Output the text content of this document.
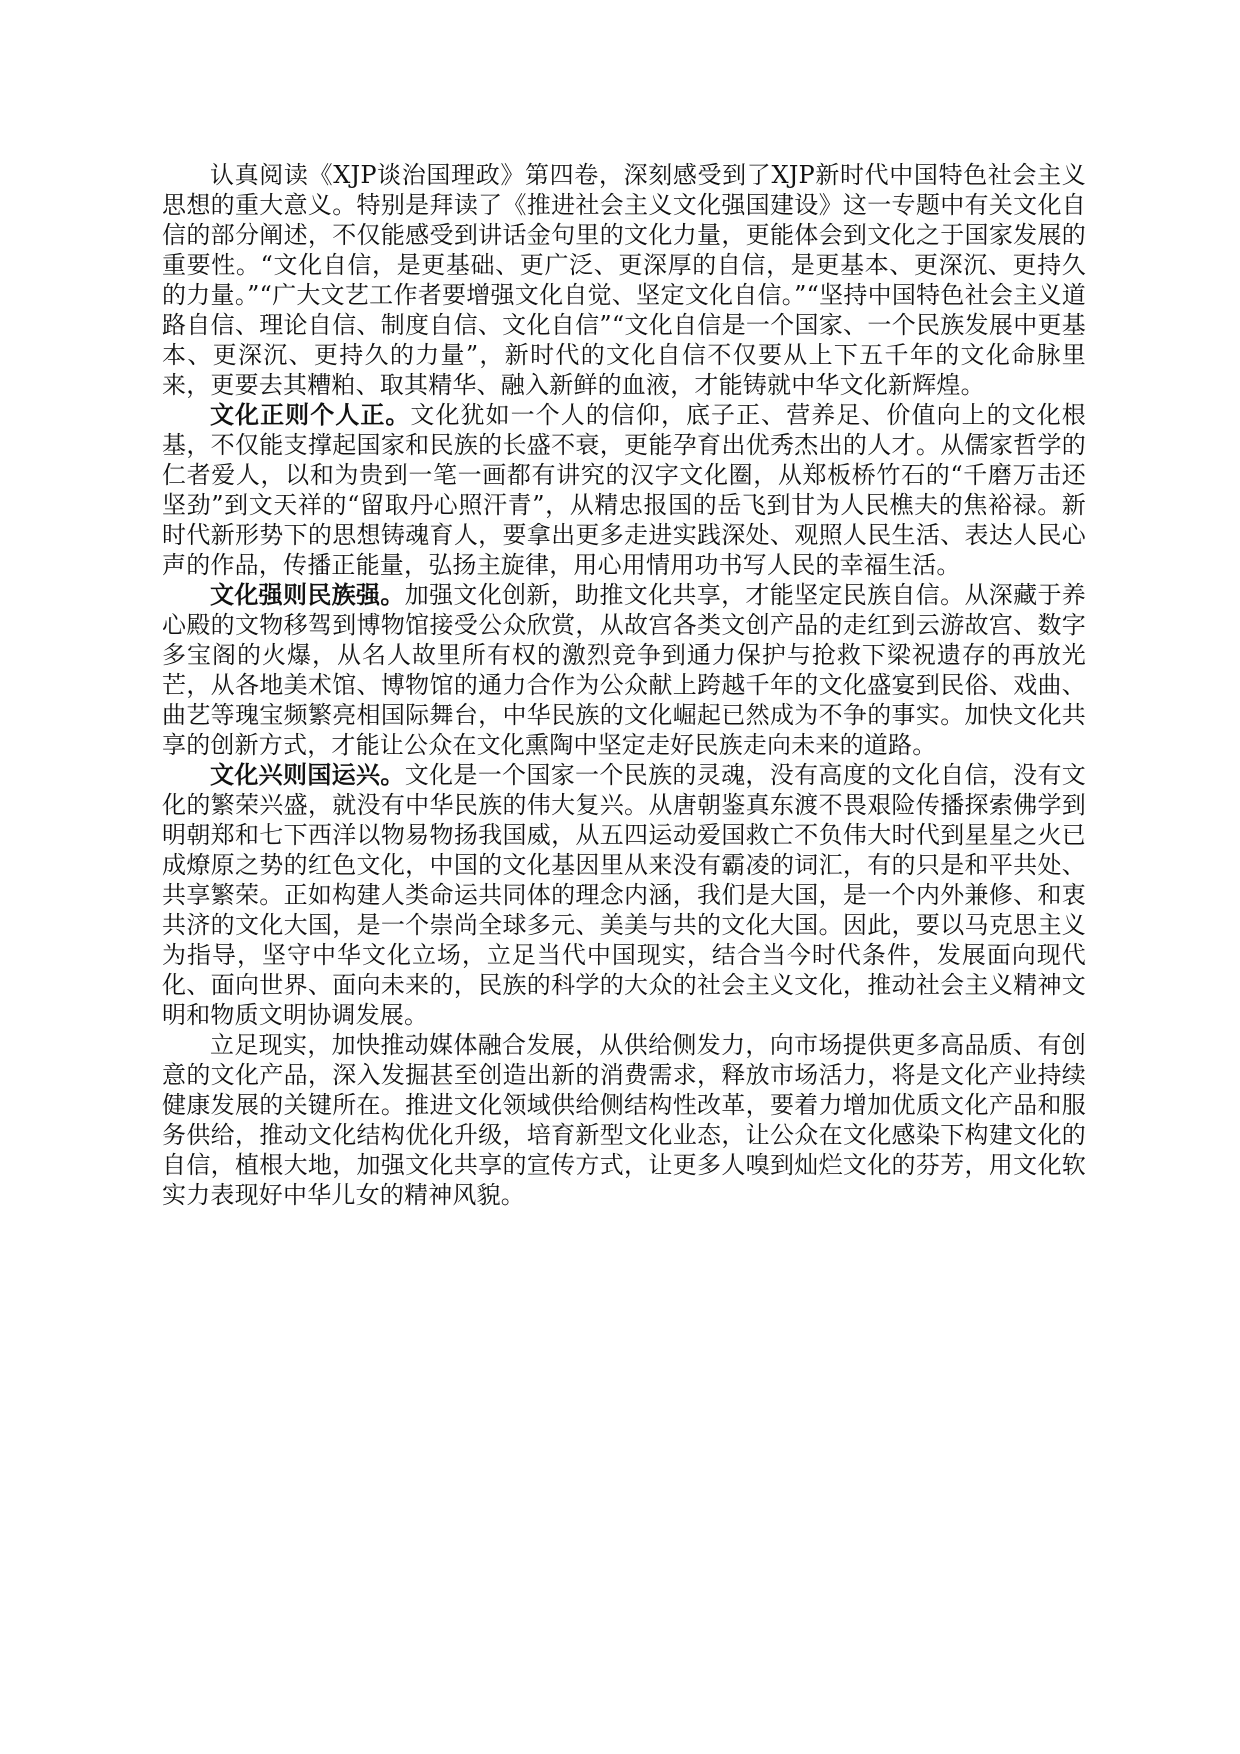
认真阅读《XJP谈治国理政》第四卷，深刻感受到了XJP新时代中国特色社会主义思想的重大意义。特别是拜读了《推进社会主义文化强国建设》这一专题中有关文化自信的部分阐述，不仅能感受到讲话金句里的文化力量，更能体会到文化之于国家发展的重要性。“文化自信，是更基础、更广泛、更深厚的自信，是更基本、更深沉、更持久的力量。”“广大文艺工作者要增强文化自觉、坚定文化自信。”“坚持中国特色社会主义道路自信、理论自信、制度自信、文化自信”“文化自信是一个国家、一个民族发展中更基本、更深沉、更持久的力量”，新时代的文化自信不仅要从上下五千年的文化命脉里来，更要去其糟粕、取其精华、融入新鲜的血液，才能铸就中华文化新辉煌。

文化正则个人正。文化犹如一个人的信仰，底子正、营养足、价值向上的文化根基，不仅能支撑起国家和民族的长盛不衰，更能孕育出优秀杰出的人才。从儒家哲学的仁者爱人，以和为贵到一笔一画都有讲究的汉字文化圈，从郑板桥竹石的“千磨万击还坚劲”到文天祥的“留取丹心照汗青”，从精忠报国的岳飞到甘为人民樵夫的焦裕禄。新时代新形势下的思想铸魂育人，要拿出更多走进实践深处、观照人民生活、表达人民心声的作品，传播正能量，弘扬主旋律，用心用情用功书写人民的幸福生活。

文化强则民族强。加强文化创新，助推文化共享，才能坚定民族自信。从深藏于养心殿的文物移驾到博物馆接受公众欣赏，从故宫各类文创产品的走红到云游故宫、数字多宝阁的火爆，从名人故里所有权的激烈竞争到通力保护与抢救下梁祝遗存的再放光芒，从各地美术馆、博物馆的通力合作为公众献上跨越千年的文化盛宴到民俗、戏曲、曲艺等瑰宝频繁亮相国际舞台，中华民族的文化崛起已然成为不争的事实。加快文化共享的创新方式，才能让公众在文化熏陶中坚定走好民族走向未来的道路。

文化兴则国运兴。文化是一个国家一个民族的灵魂，没有高度的文化自信，没有文化的繁荣兴盛，就没有中华民族的伟大复兴。从唐朝鉴真东渡不畏艰险传播探索佛学到明朝郑和七下西洋以物易物扬我国威，从五四运动爱国救亡不负伟大时代到星星之火已成燎原之势的红色文化，中国的文化基因里从来没有霸凌的词汇，有的只是和平共处、共享繁荣。正如构建人类命运共同体的理念内涵，我们是大国，是一个内外兼修、和衷共济的文化大国，是一个崇尚全球多元、美美与共的文化大国。因此，要以马克思主义为指导，坚守中华文化立场，立足当代中国现实，结合当今时代条件，发展面向现代化、面向世界、面向未来的，民族的科学的大众的社会主义文化，推动社会主义精神文明和物质文明协调发展。

立足现实，加快推动媒体融合发展，从供给侧发力，向市场提供更多高品质、有创意的文化产品，深入发掘甚至创造出新的消费需求，释放市场活力，将是文化产业持续健康发展的关键所在。推进文化领域供给侧结构性改革，要着力增加优质文化产品和服务供给，推动文化结构优化升级，培育新型文化业态，让公众在文化感染下构建文化的自信，植根大地，加强文化共享的宣传方式，让更多人嗅到灿烂文化的芬芳，用文化软实力表现好中华儿女的精神风貌。
